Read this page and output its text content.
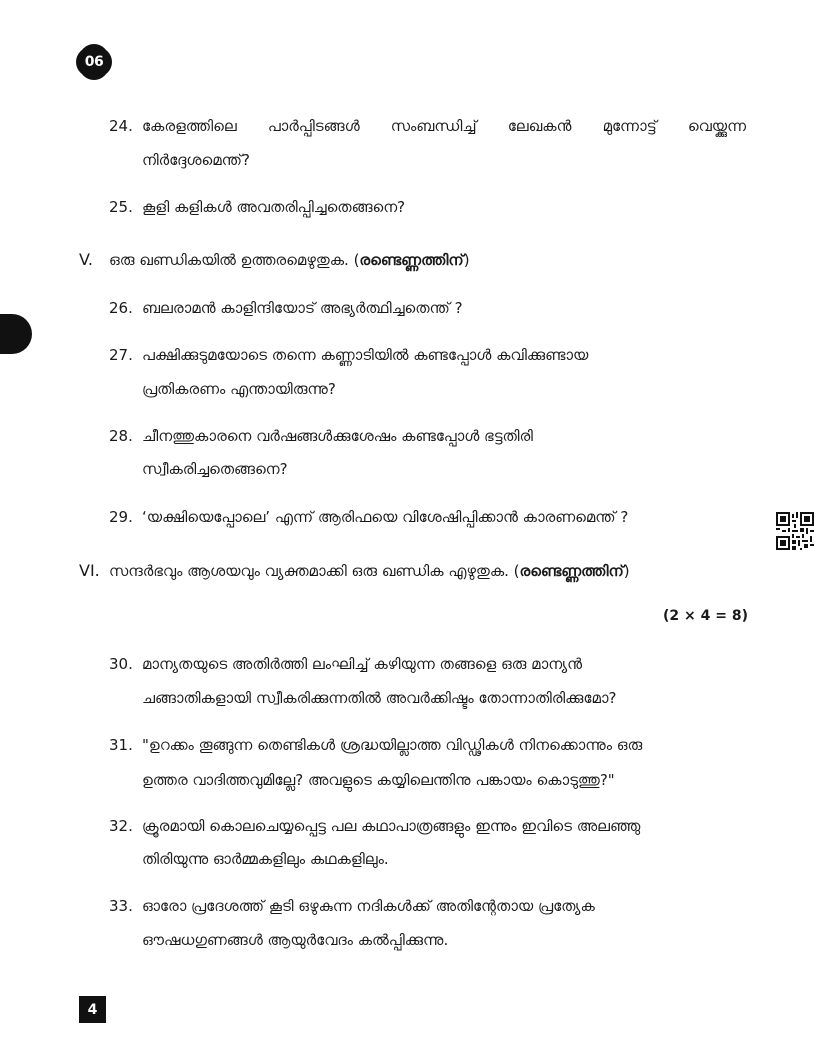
06
24. കേരളത്തിലെ പാർപ്പിടങ്ങൾ സംബന്ധിച്ച് ലേഖകൻ മുന്നോട്ട് വെയ്ക്കുന്ന
നിർദ്ദേശമെന്ത്?
25. കൂളി കളികൾ അവതരിപ്പിച്ചതെങ്ങനെ?
V. ഒരു ഖണ്ഡികയിൽ ഉത്തരമെഴുതുക. (രണ്ടെണ്ണത്തിന്)
26. ബലരാമൻ കാളിന്ദിയോട് അഭ്യർത്ഥിച്ചതെന്ത് ?
27. പക്ഷിക്കുടുമയോടെ തന്നെ കണ്ണാടിയിൽ കണ്ടപ്പോൾ കവിക്കുണ്ടായ
പ്രതികരണം എന്തായിരുന്നു?
28. ചീനത്തുകാരനെ വർഷങ്ങൾക്കുശേഷം കണ്ടപ്പോൾ ഭട്ടതിരി
സ്വീകരിച്ചതെങ്ങനെ?
29. ‘യക്ഷിയെപ്പോലെ’ എന്ന് ആരിഫയെ വിശേഷിപ്പിക്കാൻ കാരണമെന്ത് ?
VI. സന്ദർഭവും ആശയവും വ്യക്തമാക്കി ഒരു ഖണ്ഡിക എഴുതുക. (രണ്ടെണ്ണത്തിന്)
(2 × 4 = 8)
30. മാന്യതയുടെ അതിർത്തി ലംഘിച്ച് കഴിയുന്ന തങ്ങളെ ഒരു മാന്യൻ
ചങ്ങാതികളായി സ്വീകരിക്കുന്നതിൽ അവർക്കിഷ്ടം തോന്നാതിരിക്കുമോ?
31. "ഉറക്കം തൂങ്ങുന്ന തെണ്ടികൾ ശ്രദ്ധയില്ലാത്ത വിഡ്ഢികൾ നിനക്കൊന്നും ഒരു
ഉത്തര വാദിത്തവുമില്ലേ? അവളുടെ കയ്യിലെന്തിനു പങ്കായം കൊടുത്തു?"
32. ക്രൂരമായി കൊലചെയ്യപ്പെട്ട പല കഥാപാത്രങ്ങളും ഇന്നും ഇവിടെ അലഞ്ഞു
തിരിയുന്നു ഓർമ്മകളിലും കഥകളിലും.
33. ഓരോ പ്രദേശത്ത് കൂടി ഒഴുകുന്ന നദികൾക്ക് അതിന്റേതായ പ്രത്യേക
ഔഷധഗുണങ്ങൾ ആയുർവേദം കൽപ്പിക്കുന്നു.
4
